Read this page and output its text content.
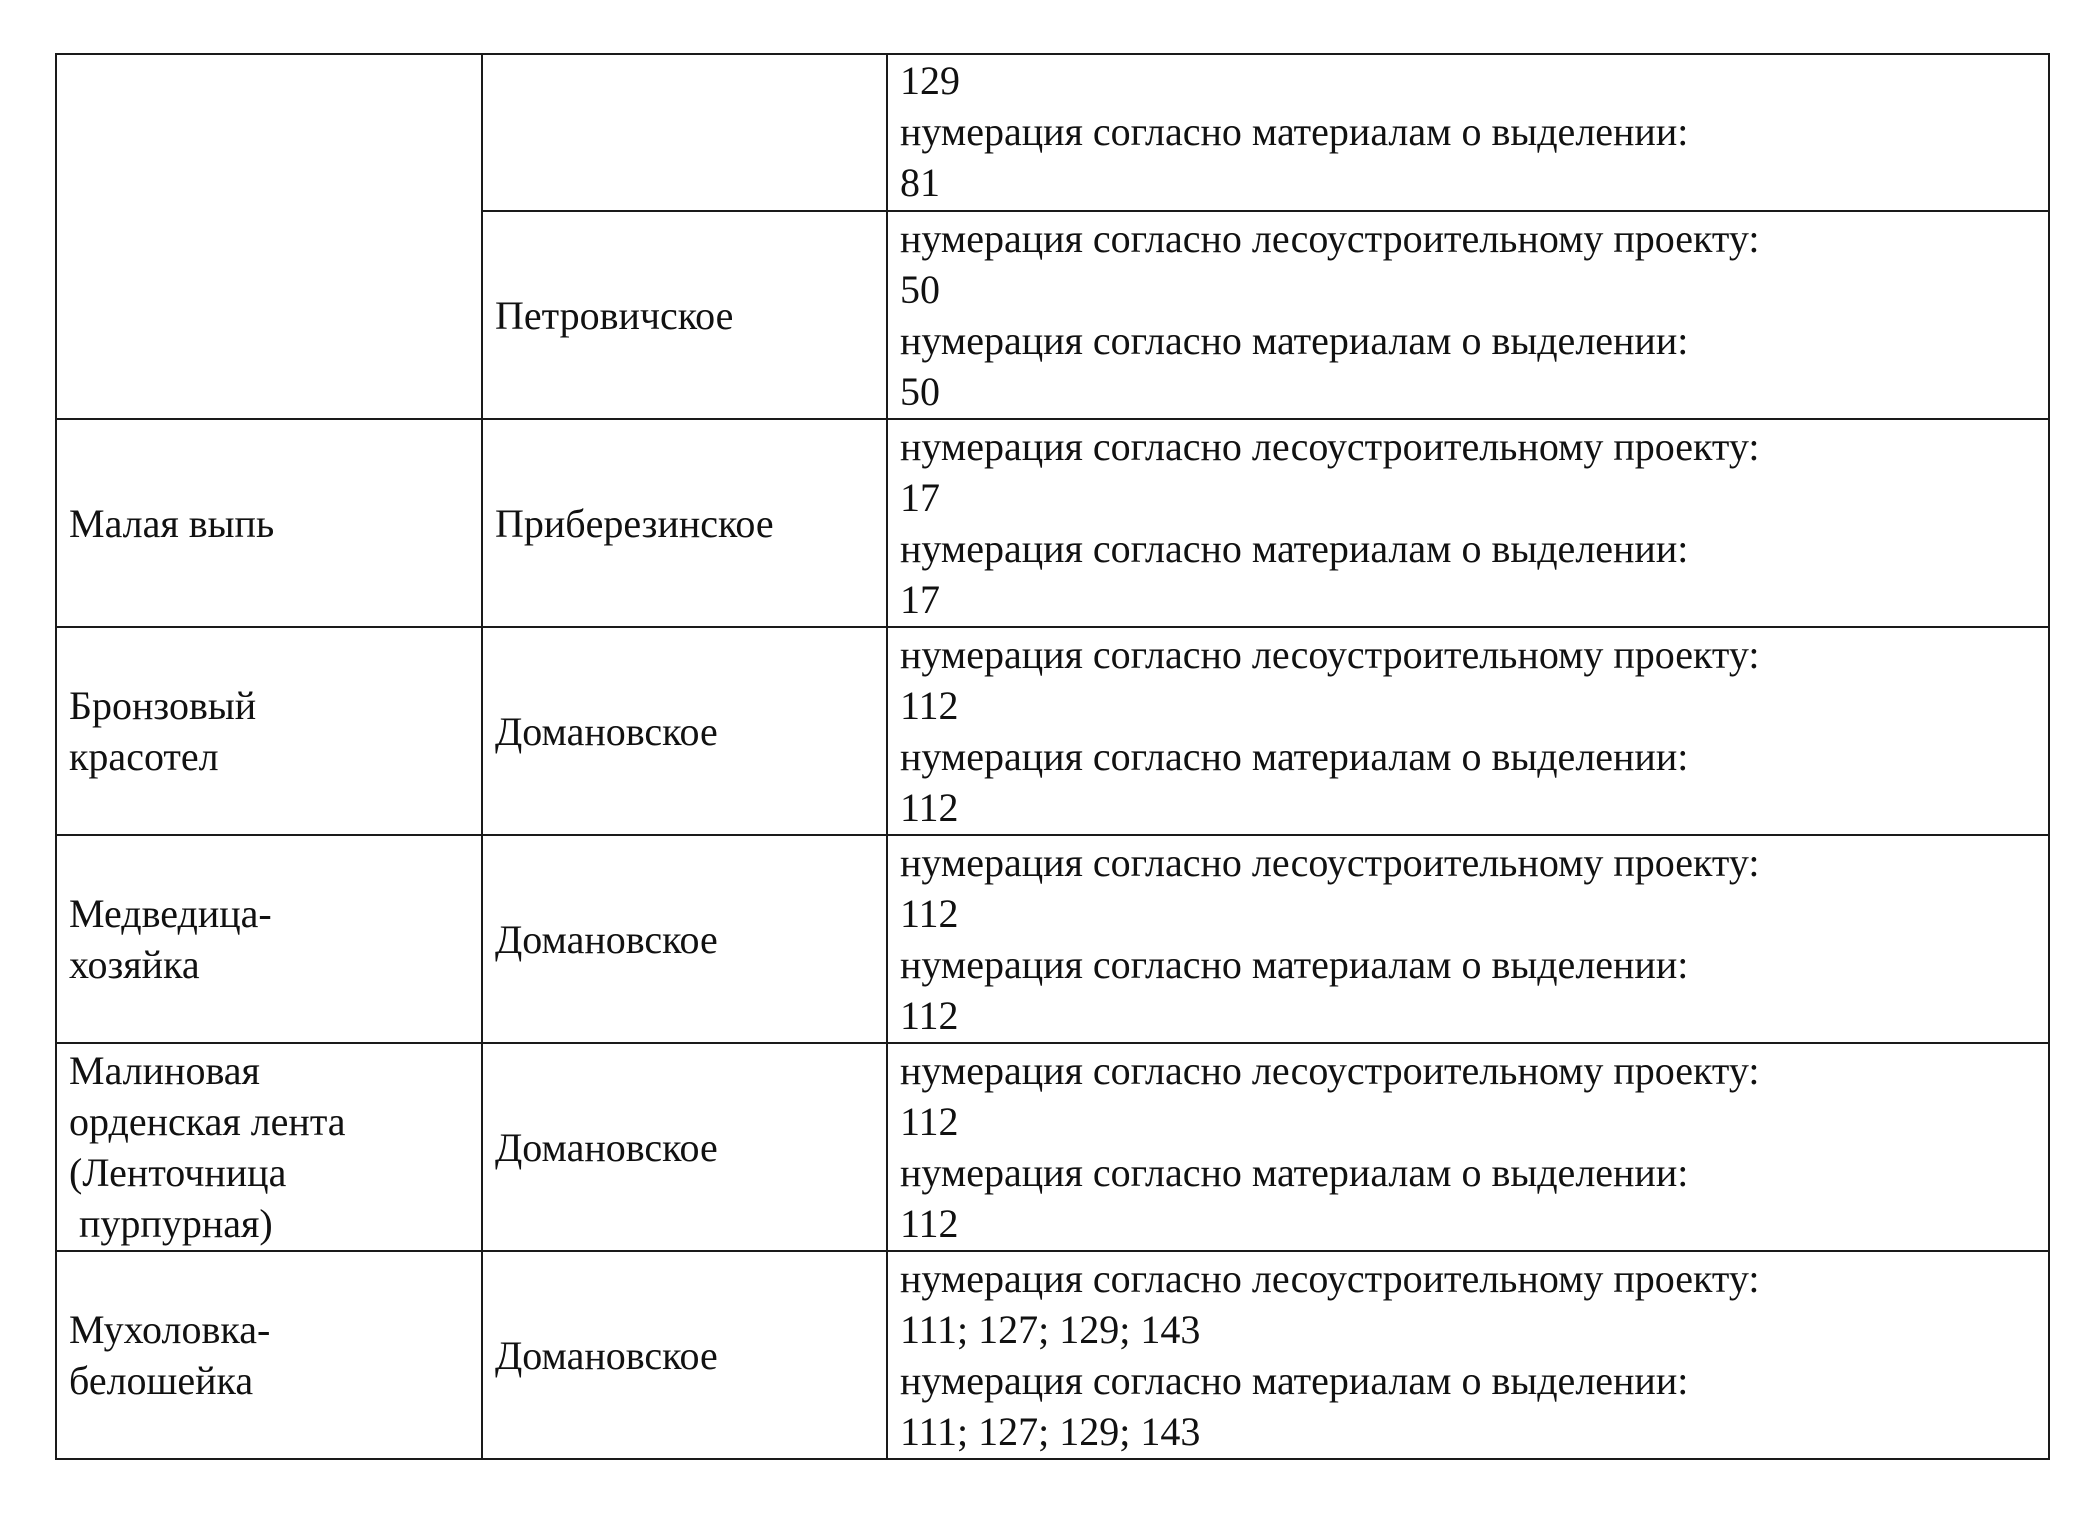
		129
нумерация согласно материалам о выделении:
81

	Петровичское	нумерация согласно лесоустроительному проекту:
50
нумерация согласно материалам о выделении:
50

Малая выпь	Прибeрезинское	нумерация согласно лесоустроительному проекту:
17
нумерация согласно материалам о выделении:
17

Бронзовый
красотел	Домановское	нумерация согласно лесоустроительному проекту:
112
нумерация согласно материалам о выделении:
112

Медведица-
хозяйка	Домановское	нумерация согласно лесоустроительному проекту:
112
нумерация согласно материалам о выделении:
112

Малиновая
орденская лента
(Ленточница
пурпурная)	Домановское	нумерация согласно лесоустроительному проекту:
112
нумерация согласно материалам о выделении:
112

Мухоловка-
белошейка	Домановское	нумерация согласно лесоустроительному проекту:
111; 127; 129; 143
нумерация согласно материалам о выделении:
111; 127; 129; 143
